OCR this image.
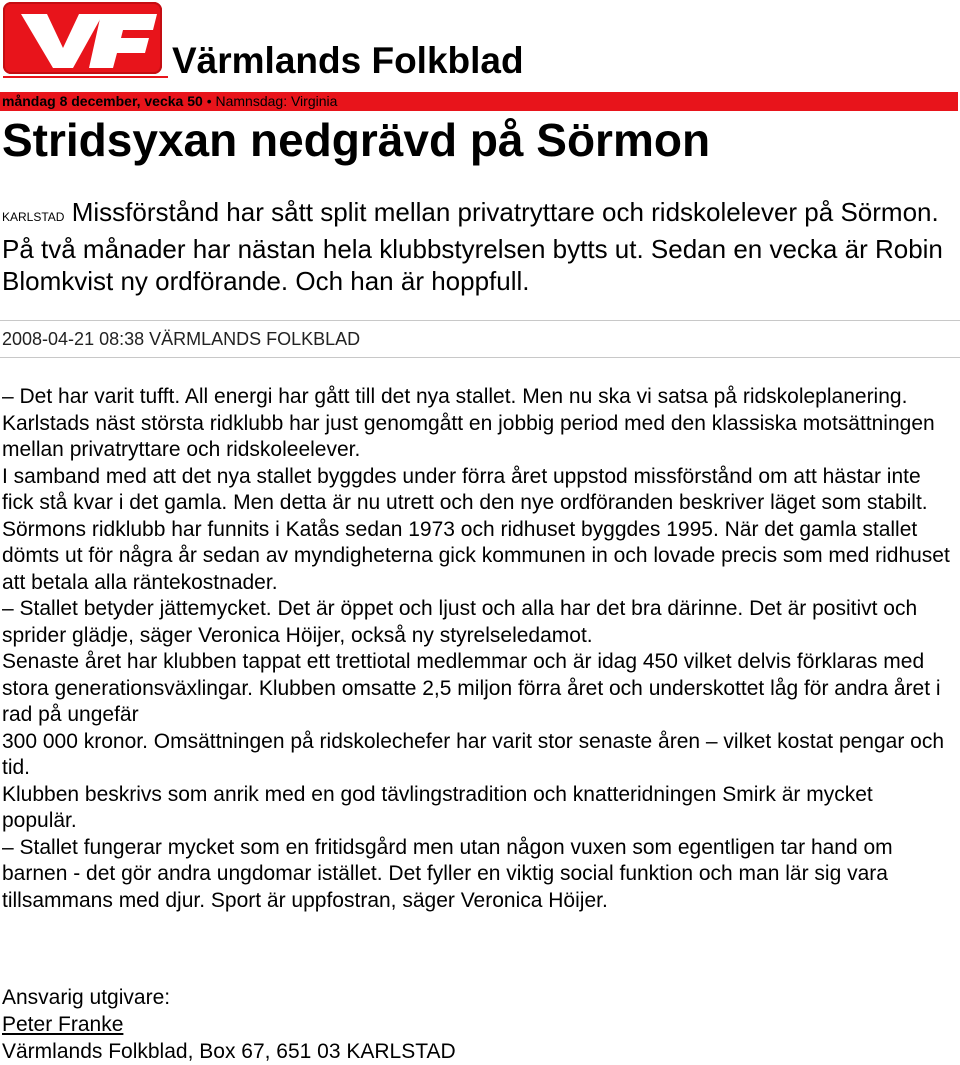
Värmlands Folkblad
måndag 8 december, vecka 50 • Namnsdag: Virginia
Stridsyxan nedgrävd på Sörmon

KARLSTAD Missförstånd har sått split mellan privatryttare och ridskolelever på Sörmon. På två månader har nästan hela klubbstyrelsen bytts ut. Sedan en vecka är Robin Blomkvist ny ordförande. Och han är hoppfull.

2008-04-21 08:38 VÄRMLANDS FOLKBLAD

– Det har varit tufft. All energi har gått till det nya stallet. Men nu ska vi satsa på ridskoleplanering.

Karlstads näst största ridklubb har just genomgått en jobbig period med den klassiska motsättningen mellan privatryttare och ridskoleelever.

I samband med att det nya stallet byggdes under förra året uppstod missförstånd om att hästar inte fick stå kvar i det gamla. Men detta är nu utrett och den nye ordföranden beskriver läget som stabilt.

Sörmons ridklubb har funnits i Katås sedan 1973 och ridhuset byggdes 1995. När det gamla stallet dömts ut för några år sedan av myndigheterna gick kommunen in och lovade precis som med ridhuset att betala alla räntekostnader.

– Stallet betyder jättemycket. Det är öppet och ljust och alla har det bra därinne. Det är positivt och sprider glädje, säger Veronica Höijer, också ny styrelseledamot.

Senaste året har klubben tappat ett trettiotal medlemmar och är idag 450 vilket delvis förklaras med stora generationsväxlingar. Klubben omsatte 2,5 miljon förra året och underskottet låg för andra året i rad på ungefär

300 000 kronor. Omsättningen på ridskolechefer har varit stor senaste åren – vilket kostat pengar och tid.

Klubben beskrivs som anrik med en god tävlingstradition och knatteridningen Smirk är mycket populär.

– Stallet fungerar mycket som en fritidsgård men utan någon vuxen som egentligen tar hand om barnen - det gör andra ungdomar istället. Det fyller en viktig social funktion och man lär sig vara tillsammans med djur. Sport är uppfostran, säger Veronica Höijer.

Ansvarig utgivare:

Peter Franke

Värmlands Folkblad, Box 67, 651 03 KARLSTAD
